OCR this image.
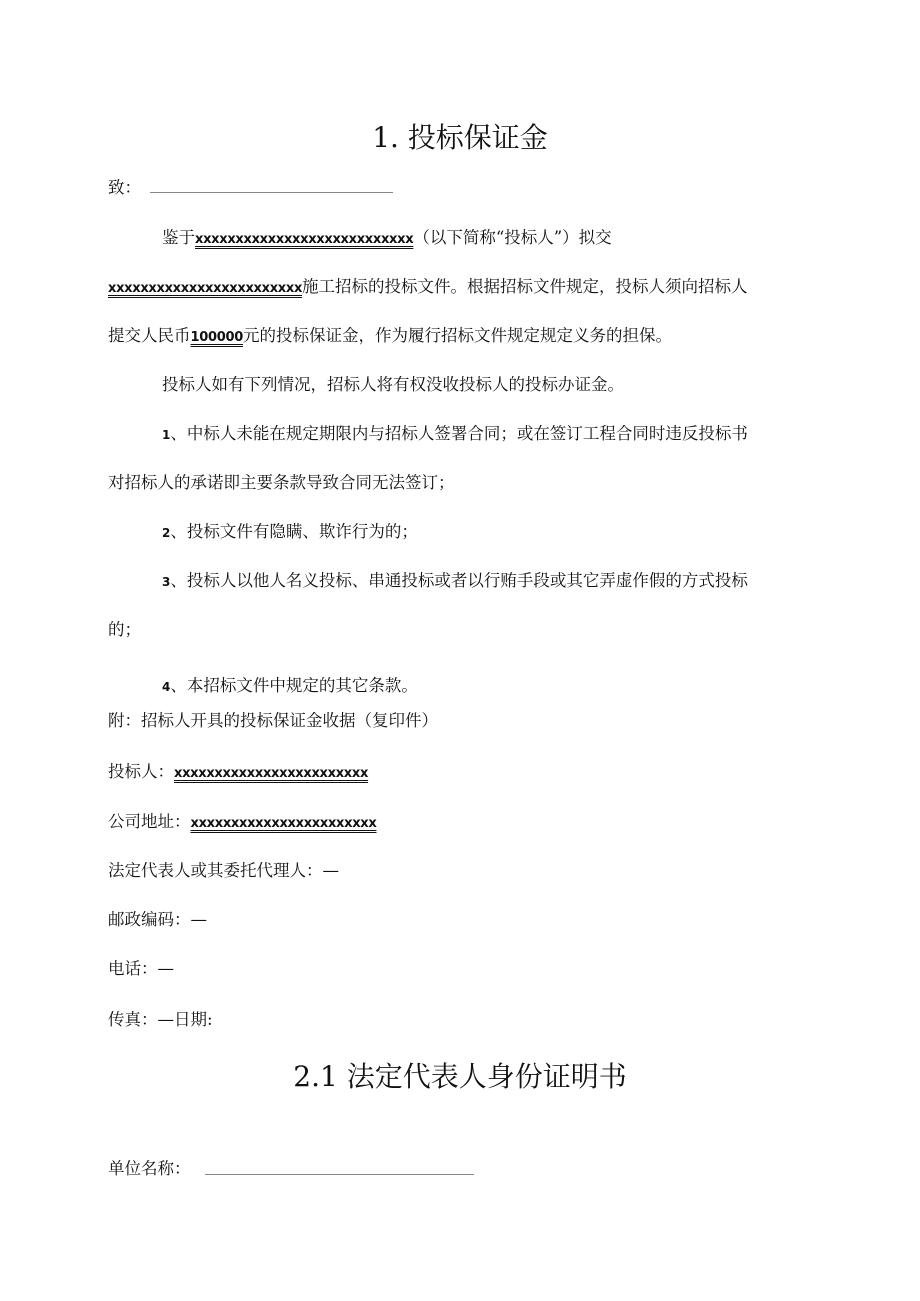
1. 投标保证金
致：
鉴于xxxxxxxxxxxxxxxxxxxxxxxxxxx（以下简称“投标人”）拟交
xxxxxxxxxxxxxxxxxxxxxxxx施工招标的投标文件。根据招标文件规定，投标人须向招标人
提交人民币100000元的投标保证金，作为履行招标文件规定规定义务的担保。
投标人如有下列情况，招标人将有权没收投标人的投标办证金。
1、中标人未能在规定期限内与招标人签署合同；或在签订工程合同时违反投标书
对招标人的承诺即主要条款导致合同无法签订；
2、投标文件有隐瞒、欺诈行为的；
3、投标人以他人名义投标、串通投标或者以行贿手段或其它弄虚作假的方式投标
的；
4、本招标文件中规定的其它条款。
附：招标人开具的投标保证金收据（复印件）
投标人：xxxxxxxxxxxxxxxxxxxxxxxx
公司地址：xxxxxxxxxxxxxxxxxxxxxxx
法定代表人或其委托代理人：—
邮政编码：—
电话：—
传真：—日期:
2.1 法定代表人身份证明书
单位名称：
